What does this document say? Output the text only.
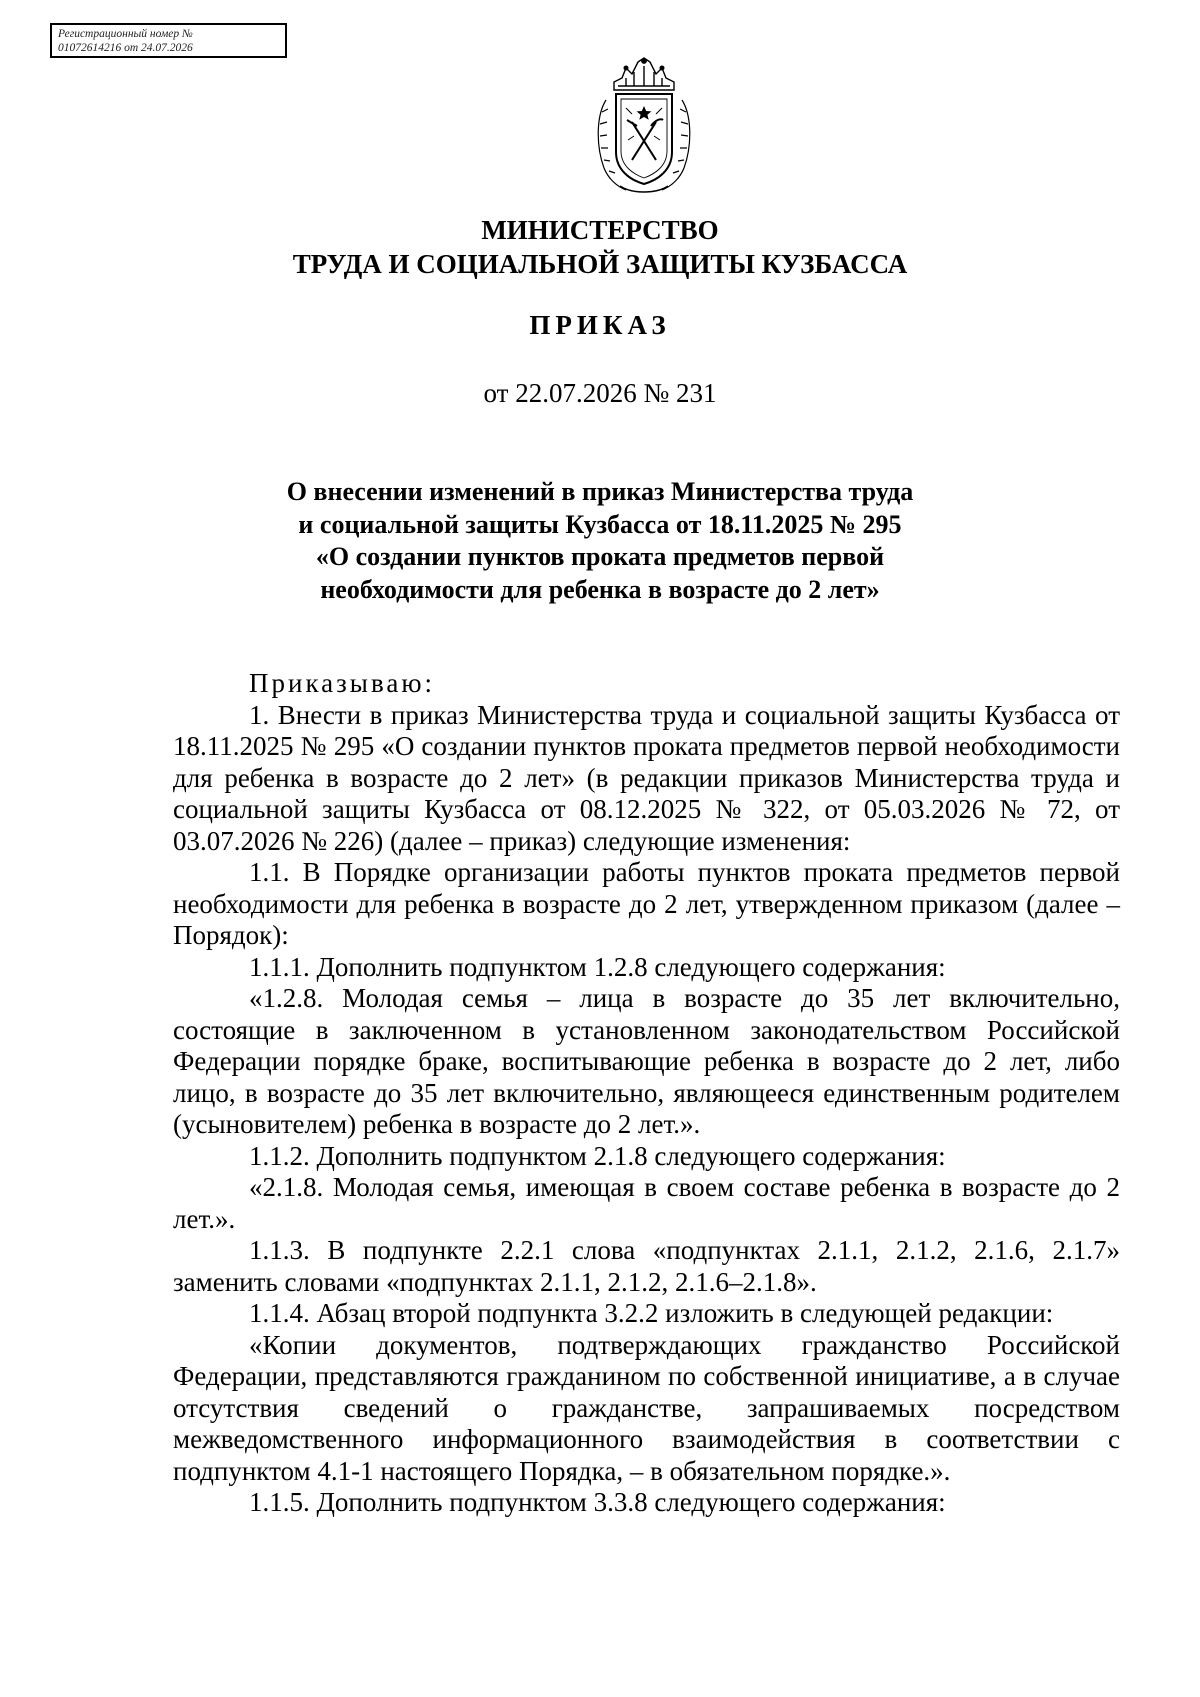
Регистрационный номер №
01072614216 от 24.07.2026
МИНИСТЕРСТВО
ТРУДА И СОЦИАЛЬНОЙ ЗАЩИТЫ КУЗБАССА
ПРИКАЗ
от 22.07.2026 № 231
О внесении изменений в приказ Министерства труда
и социальной защиты Кузбасса от 18.11.2025 № 295
«О создании пунктов проката предметов первой
необходимости для ребенка в возрасте до 2 лет»

Приказываю:

1. Внести в приказ Министерства труда и социальной защиты Кузбасса от 18.11.2025 № 295 «О создании пунктов проката предметов первой необходимости для ребенка в возрасте до 2 лет» (в редакции приказов Министерства труда и социальной защиты Кузбасса от 08.12.2025 № 322, от 05.03.2026 № 72, от 03.07.2026 № 226) (далее – приказ) следующие изменения:

1.1. В Порядке организации работы пунктов проката предметов первой необходимости для ребенка в возрасте до 2 лет, утвержденном приказом (далее – Порядок):

1.1.1. Дополнить подпунктом 1.2.8 следующего содержания:

«1.2.8. Молодая семья – лица в возрасте до 35 лет включительно, состоящие в заключенном в установленном законодательством Российской Федерации порядке браке, воспитывающие ребенка в возрасте до 2 лет, либо лицо, в возрасте до 35 лет включительно, являющееся единственным родителем (усыновителем) ребенка в возрасте до 2 лет.».

1.1.2. Дополнить подпунктом 2.1.8 следующего содержания:

«2.1.8. Молодая семья, имеющая в своем составе ребенка в возрасте до 2 лет.».

1.1.3. В подпункте 2.2.1 слова «подпунктах 2.1.1, 2.1.2, 2.1.6, 2.1.7» заменить словами «подпунктах 2.1.1, 2.1.2, 2.1.6–2.1.8».

1.1.4. Абзац второй подпункта 3.2.2 изложить в следующей редакции:

«Копии документов, подтверждающих гражданство Российской Федерации, представляются гражданином по собственной инициативе, а в случае отсутствия сведений о гражданстве, запрашиваемых посредством межведомственного информационного взаимодействия в соответствии с подпунктом 4.1-1 настоящего Порядка, – в обязательном порядке.».

1.1.5. Дополнить подпунктом 3.3.8 следующего содержания:
